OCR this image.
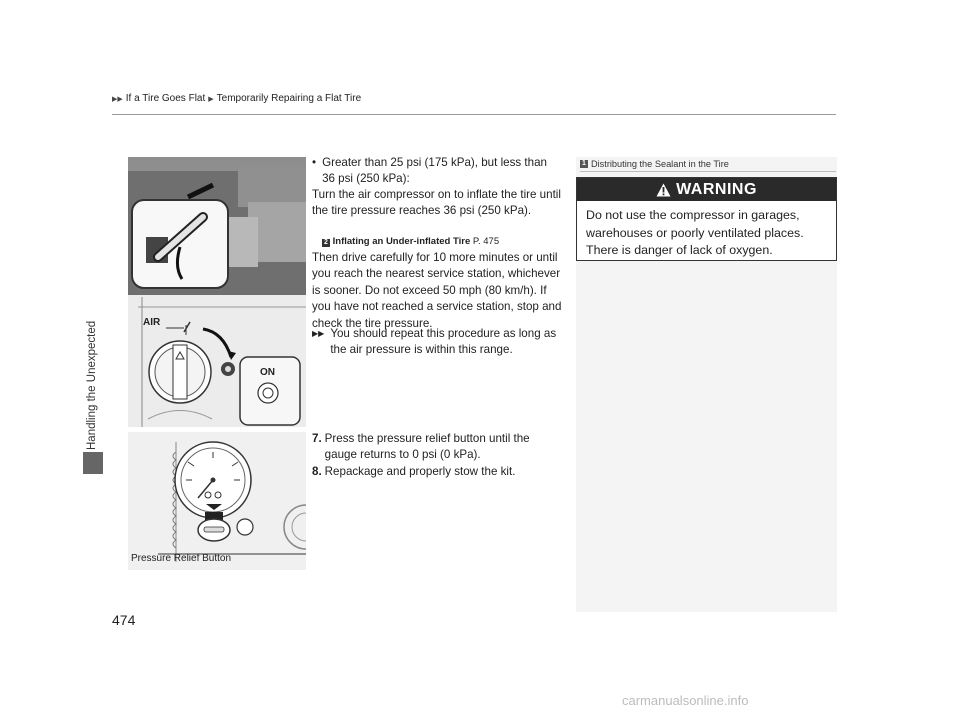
▶▶ If a Tire Goes Flat ▶ Temporarily Repairing a Flat Tire
Handling the Unexpected	AIR
ON
Pressure Relief Button
• Greater than 25 psi (175 kPa), but less than 36 psi (250 kPa):
Turn the air compressor on to inflate the tire until the tire pressure reaches 36 psi (250 kPa).
2 Inflating an Under-inflated Tire P. 475
Then drive carefully for 10 more minutes or until you reach the nearest service station, whichever is sooner. Do not exceed 50 mph (80 km/h). If you have not reached a service station, stop and check the tire pressure.
▶▶ You should repeat this procedure as long as the air pressure is within this range.
7. Press the pressure relief button until the gauge returns to 0 psi (0 kPa).
8. Repackage and properly stow the kit.
1 Distributing the Sealant in the Tire
WARNING
Do not use the compressor in garages, warehouses or poorly ventilated places. There is danger of lack of oxygen.
474
carmanualsonline.info
